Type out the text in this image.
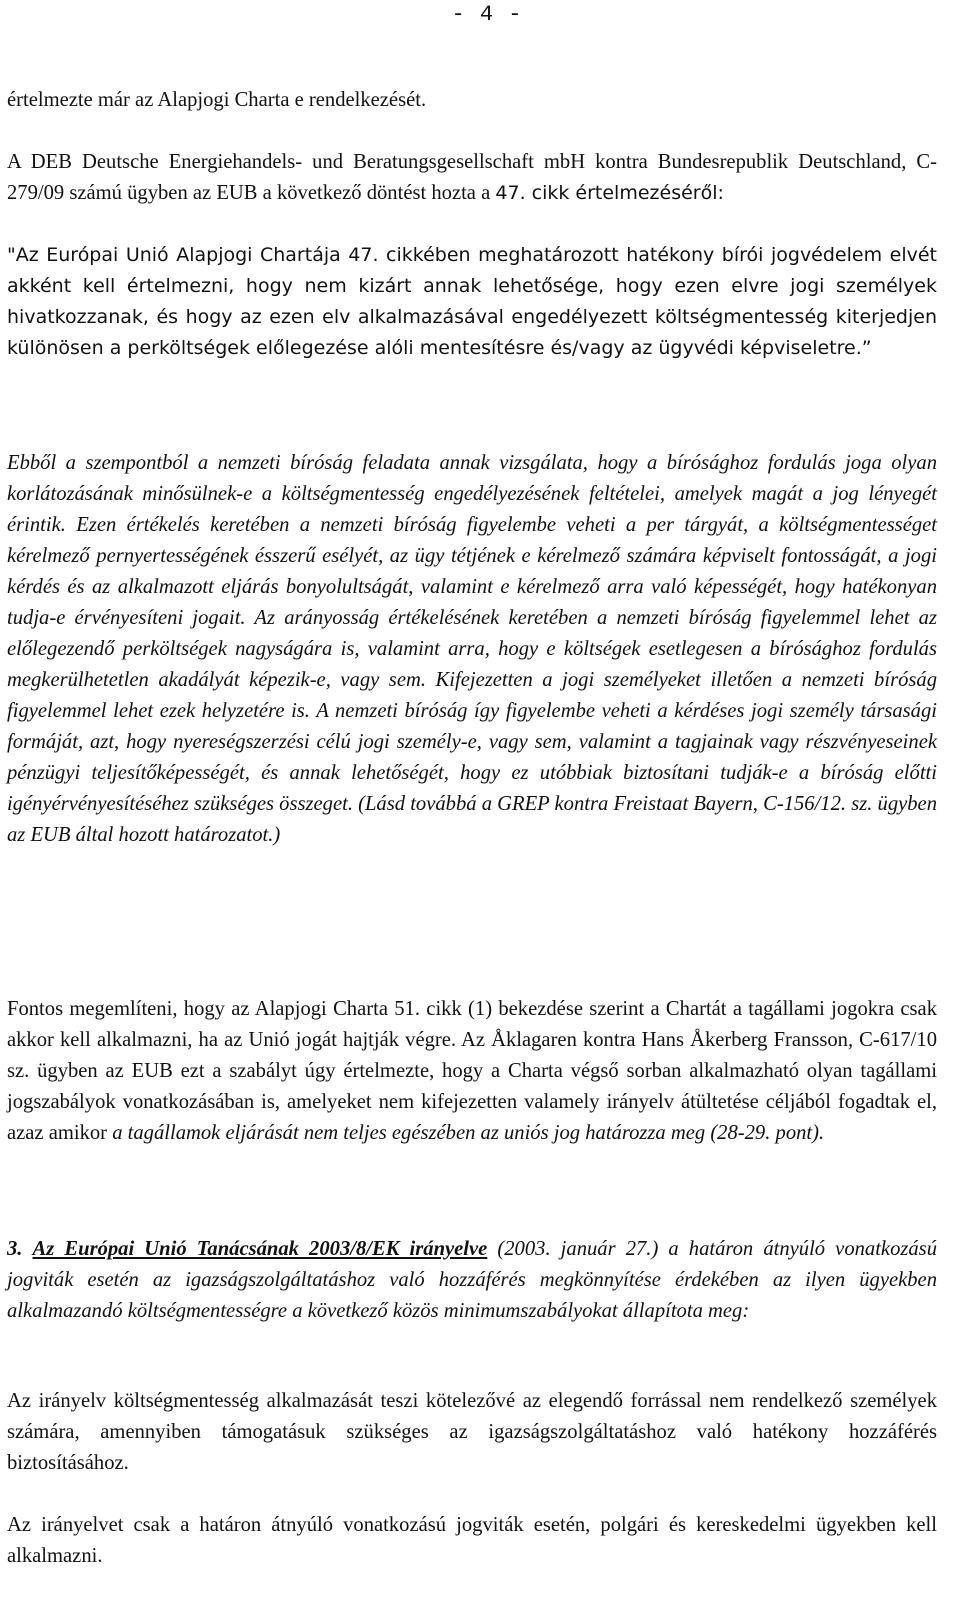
- 4 -

értelmezte már az Alapjogi Charta e rendelkezését.

A DEB Deutsche Energiehandels- und Beratungsgesellschaft mbH kontra Bundesrepublik Deutschland, C-279/09 számú ügyben az EUB a következő döntést hozta a 47. cikk értelmezéséről:

"Az Európai Unió Alapjogi Chartája 47. cikkében meghatározott hatékony bírói jogvédelem elvét akként kell értelmezni, hogy nem kizárt annak lehetősége, hogy ezen elvre jogi személyek hivatkozzanak, és hogy az ezen elv alkalmazásával engedélyezett költségmentesség kiterjedjen különösen a perköltségek előlegezése alóli mentesítésre és/vagy az ügyvédi képviseletre.”

Ebből a szempontból a nemzeti bíróság feladata annak vizsgálata, hogy a bírósághoz fordulás joga olyan korlátozásának minősülnek-e a költségmentesség engedélyezésének feltételei, amelyek magát a jog lényegét érintik. Ezen értékelés keretében a nemzeti bíróság figyelembe veheti a per tárgyát, a költségmentességet kérelmező pernyertességének ésszerű esélyét, az ügy tétjének e kérelmező számára képviselt fontosságát, a jogi kérdés és az alkalmazott eljárás bonyolultságát, valamint e kérelmező arra való képességét, hogy hatékonyan tudja-e érvényesíteni jogait. Az arányosság értékelésének keretében a nemzeti bíróság figyelemmel lehet az előlegezendő perköltségek nagyságára is, valamint arra, hogy e költségek esetlegesen a bírósághoz fordulás megkerülhetetlen akadályát képezik-e, vagy sem. Kifejezetten a jogi személyeket illetően a nemzeti bíróság figyelemmel lehet ezek helyzetére is. A nemzeti bíróság így figyelembe veheti a kérdéses jogi személy társasági formáját, azt, hogy nyereségszerzési célú jogi személy-e, vagy sem, valamint a tagjainak vagy részvényeseinek pénzügyi teljesítőképességét, és annak lehetőségét, hogy ez utóbbiak biztosítani tudják-e a bíróság előtti igényérvényesítéséhez szükséges összeget. (Lásd továbbá a GREP kontra Freistaat Bayern, C-156/12. sz. ügyben az EUB által hozott határozatot.)

Fontos megemlíteni, hogy az Alapjogi Charta 51. cikk (1) bekezdése szerint a Chartát a tagállami jogokra csak akkor kell alkalmazni, ha az Unió jogát hajtják végre. Az Åklagaren kontra Hans Åkerberg Fransson, C-617/10 sz. ügyben az EUB ezt a szabályt úgy értelmezte, hogy a Charta végső sorban alkalmazható olyan tagállami jogszabályok vonatkozásában is, amelyeket nem kifejezetten valamely irányelv átültetése céljából fogadtak el, azaz amikor a tagállamok eljárását nem teljes egészében az uniós jog határozza meg (28-29. pont).

3. Az Európai Unió Tanácsának 2003/8/EK irányelve (2003. január 27.) a határon átnyúló vonatkozású jogviták esetén az igazságszolgáltatáshoz való hozzáférés megkönnyítése érdekében az ilyen ügyekben alkalmazandó költségmentességre a következő közös minimumszabályokat állapítota meg:

Az irányelv költségmentesség alkalmazását teszi kötelezővé az elegendő forrással nem rendelkező személyek számára, amennyiben támogatásuk szükséges az igazságszolgáltatáshoz való hatékony hozzáférés biztosításához.

Az irányelvet csak a határon átnyúló vonatkozású jogviták esetén, polgári és kereskedelmi ügyekben kell alkalmazni.
